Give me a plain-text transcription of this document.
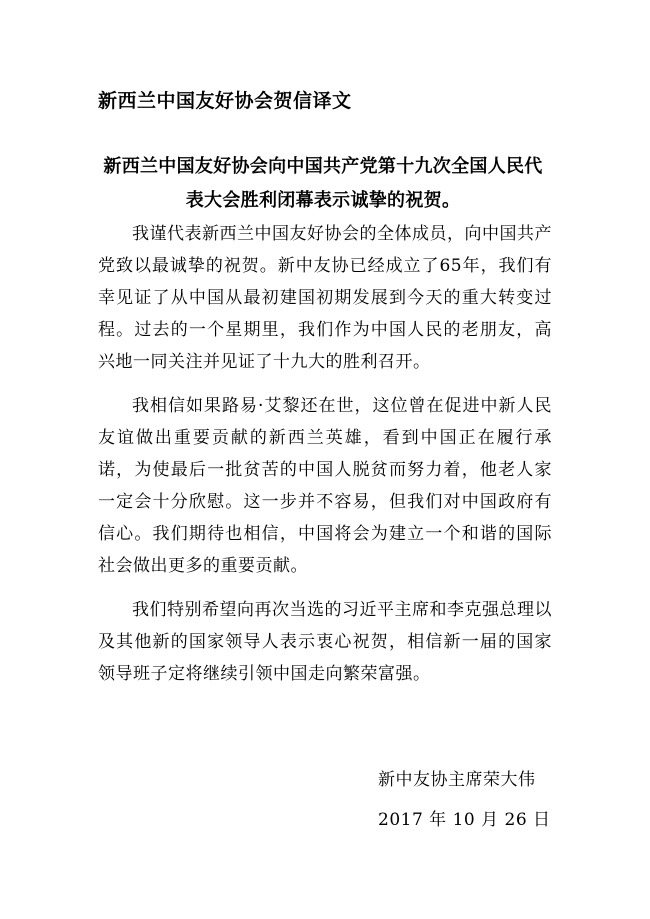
新西兰中国友好协会贺信译文
新西兰中国友好协会向中国共产党第十九次全国人民代表大会胜利闭幕表示诚挚的祝贺。

我谨代表新西兰中国友好协会的全体成员，向中国共产党致以最诚挚的祝贺。新中友协已经成立了65年，我们有幸见证了从中国从最初建国初期发展到今天的重大转变过程。过去的一个星期里，我们作为中国人民的老朋友，高兴地一同关注并见证了十九大的胜利召开。

我相信如果路易·艾黎还在世，这位曾在促进中新人民友谊做出重要贡献的新西兰英雄，看到中国正在履行承诺，为使最后一批贫苦的中国人脱贫而努力着，他老人家一定会十分欣慰。这一步并不容易，但我们对中国政府有信心。我们期待也相信，中国将会为建立一个和谐的国际社会做出更多的重要贡献。

我们特别希望向再次当选的习近平主席和李克强总理以及其他新的国家领导人表示衷心祝贺，相信新一届的国家领导班子定将继续引领中国走向繁荣富强。

新中友协主席荣大伟
2017 年 10 月 26 日
